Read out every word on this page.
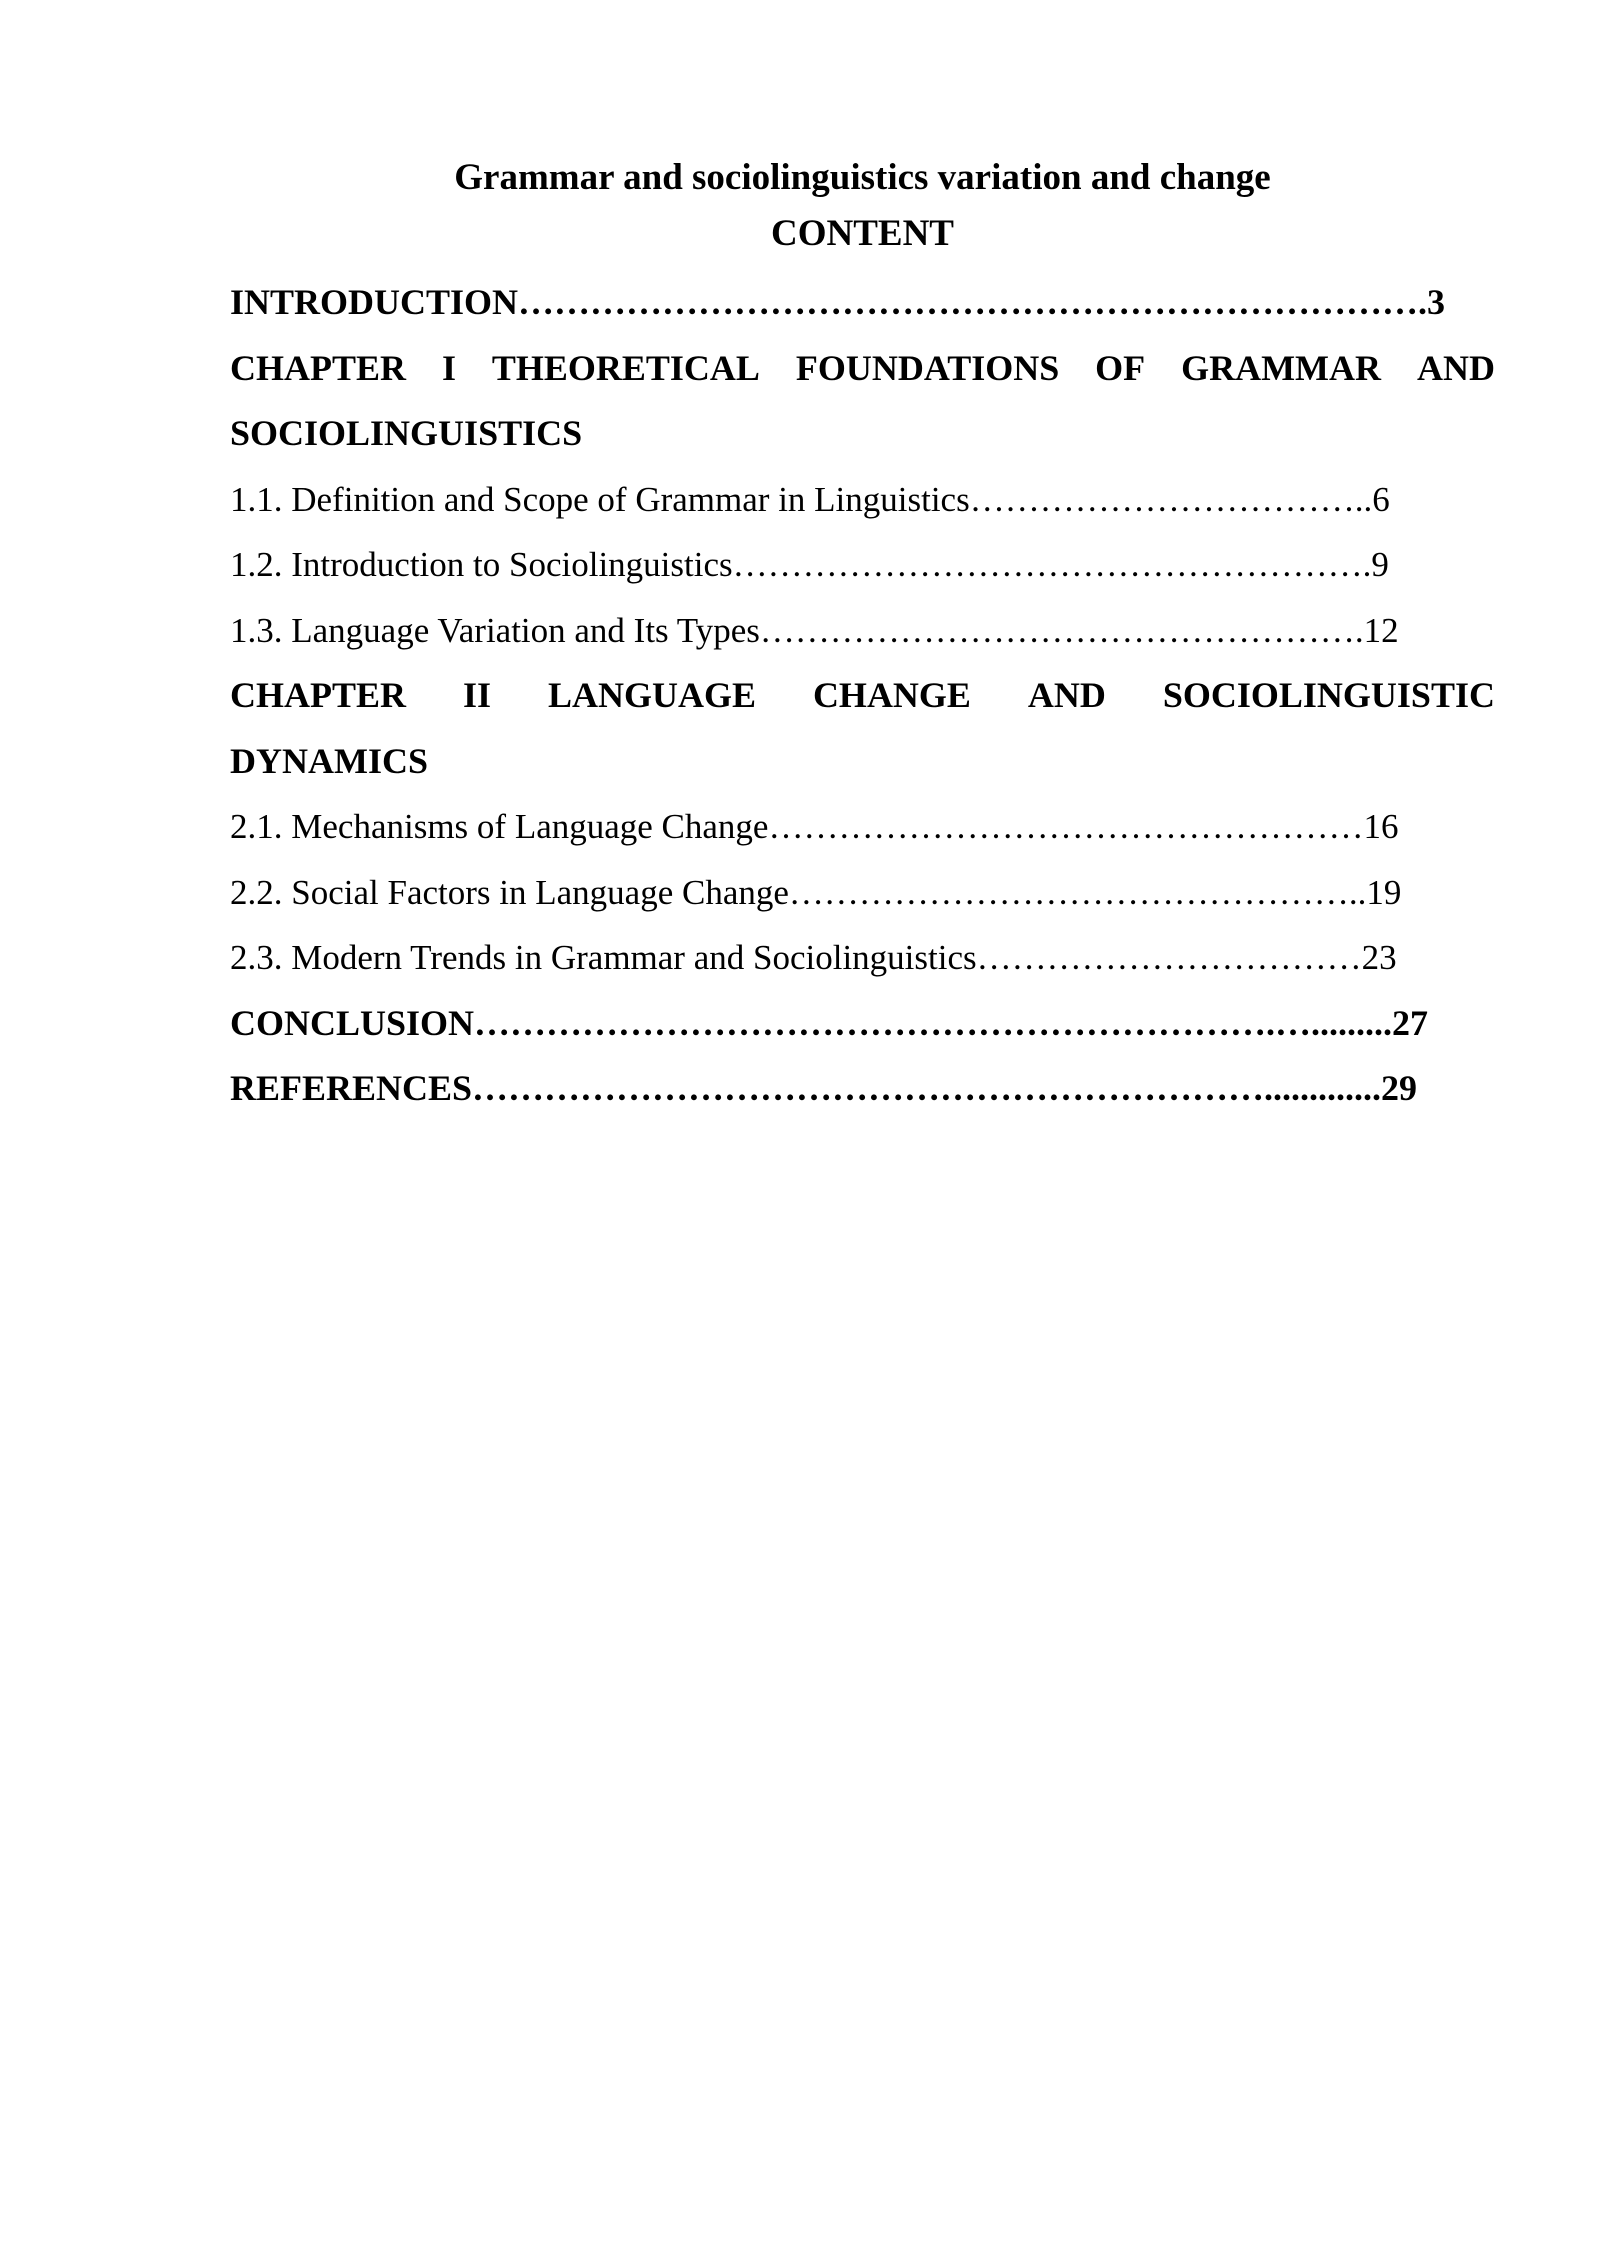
Grammar and sociolinguistics variation and change
CONTENT
INTRODUCTION………………………………………………………………….3
CHAPTER I THEORETICAL FOUNDATIONS OF GRAMMAR AND
SOCIOLINGUISTICS
1.1. Definition and Scope of Grammar in Linguistics……………………………..6
1.2. Introduction to Sociolinguistics……………………………………………….9
1.3. Language Variation and Its Types…………………………………………….12
CHAPTER II LANGUAGE CHANGE AND SOCIOLINGUISTIC
DYNAMICS
2.1. Mechanisms of Language Change……………………………………………16
2.2. Social Factors in Language Change…………………………………………..19
2.3. Modern Trends in Grammar and Sociolinguistics……………………………23
CONCLUSION………………………………………………………….….........27
REFERENCES………………………………………………………….............29
